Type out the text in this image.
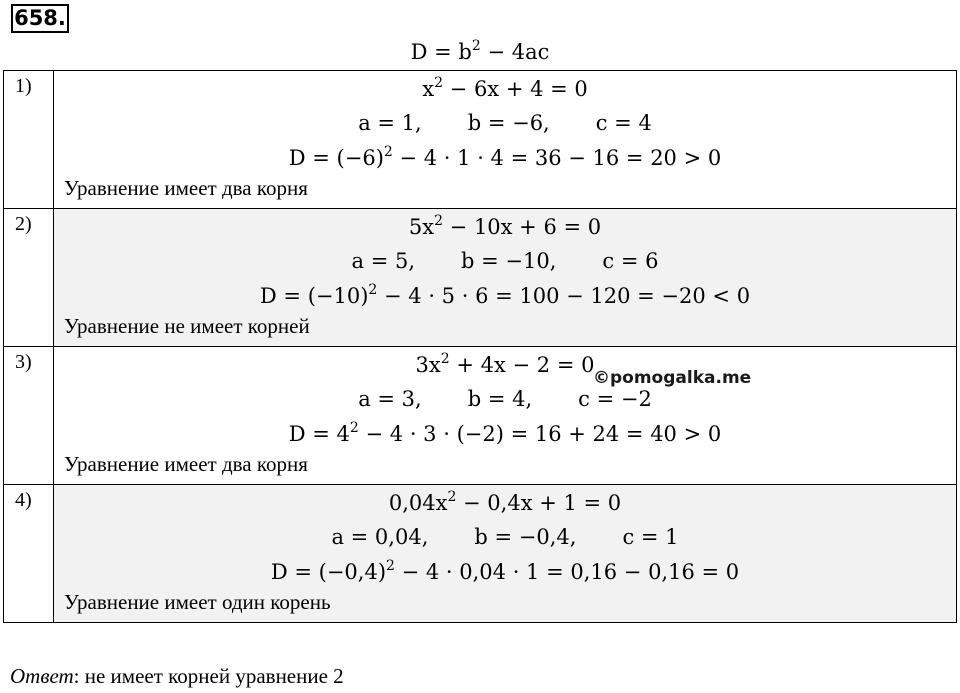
658.
$D = b^2 - 4ac$
1)	$x^2 - 6x + 4 = 0$
a = 1, b = −6, c = 4
$D = (-6)^2 - 4 \cdot 1 \cdot 4 = 36 - 16 = 20 > 0$
Уравнение имеет два корня

2)	$5x^2 - 10x + 6 = 0$
a = 5, b = −10, c = 6
$D = (-10)^2 - 4 \cdot 5 \cdot 6 = 100 - 120 = -20 < 0$
Уравнение не имеет корней

3)	$3x^2 + 4x - 2 = 0$
a = 3, b = 4, c = −2
$D = 4^2 - 4 \cdot 3 \cdot (-2) = 16 + 24 = 40 > 0$
Уравнение имеет два корня

4)	$0,04x^2 - 0,4x + 1 = 0$
a = 0,04, b = −0,4, c = 1
$D = (-0,4)^2 - 4 \cdot 0,04 \cdot 1 = 0,16 - 0,16 = 0$
Уравнение имеет один корень
©pomogalka.me
Ответ: не имеет корней уравнение 2
